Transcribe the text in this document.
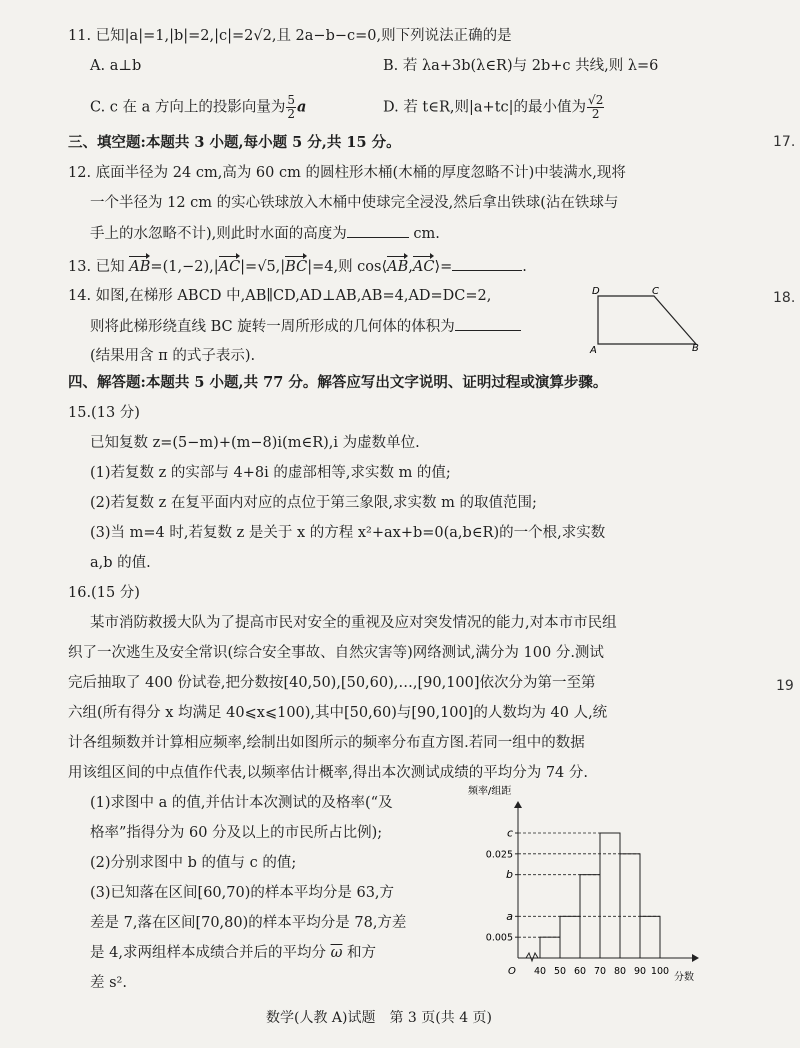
11. 已知|a|=1,|b|=2,|c|=2√2,且 2a−b−c=0,则下列说法正确的是
A. a⊥b	B. 若 λa+3b(λ∈R)与 2b+c 共线,则 λ=6
C. c 在 a 方向上的投影向量为 $\frac{5}{2}$ a	D. 若 t∈R,则|a+tc|的最小值为 $\frac{√2}{2}$
三、填空题:本题共 3 小题,每小题 5 分,共 15 分。
12. 底面半径为 24 cm,高为 60 cm 的圆柱形木桶(木桶的厚度忽略不计)中装满水,现将
一个半径为 12 cm 的实心铁球放入木桶中使球完全浸没,然后拿出铁球(沾在铁球与
手上的水忽略不计),则此时水面的高度为	cm.
13. 已知 AB=(1,−2),|AC|=√5,|BC|=4,则 cos⟨AB,AC⟩=	.
14. 如图,在梯形 ABCD 中,AB∥CD,AD⊥AB,AB=4,AD=DC=2,
则将此梯形绕直线 BC 旋转一周所形成的几何体的体积为
(结果用含 π 的式子表示).
D	C
A	B
四、解答题:本题共 5 小题,共 77 分。解答应写出文字说明、证明过程或演算步骤。
15.(13 分)
已知复数 z=(5−m)+(m−8)i(m∈R),i 为虚数单位.
(1)若复数 z 的实部与 4+8i 的虚部相等,求实数 m 的值;
(2)若复数 z 在复平面内对应的点位于第三象限,求实数 m 的取值范围;
(3)当 m=4 时,若复数 z 是关于 x 的方程 x²+ax+b=0(a,b∈R)的一个根,求实数
a,b 的值.
16.(15 分)
某市消防救援大队为了提高市民对安全的重视及应对突发情况的能力,对本市市民组
织了一次逃生及安全常识(综合安全事故、自然灾害等)网络测试,满分为 100 分.测试
完后抽取了 400 份试卷,把分数按[40,50),[50,60),…,[90,100]依次分为第一至第
六组(所有得分 x 均满足 40⩽x⩽100),其中[50,60)与[90,100]的人数均为 40 人,统
计各组频数并计算相应频率,绘制出如图所示的频率分布直方图.若同一组中的数据
用该组区间的中点值作代表,以频率估计概率,得出本次测试成绩的平均分为 74 分.
(1)求图中 a 的值,并估计本次测试的及格率(“及
格率”指得分为 60 分及以上的市民所占比例);
(2)分别求图中 b 的值与 c 的值;
(3)已知落在区间[60,70)的样本平均分是 63,方
差是 7,落在区间[70,80)的样本平均分是 78,方差
是 4,求两组样本成绩合并后的平均分 $\overline{\omega}$ 和方
差 s².
频率/组距
分数
O 40 50 60 70 80 90 100
0.005
a
b
0.025
c
数学(人教 A)试题　第 3 页(共 4 页)
17.
18.
19
